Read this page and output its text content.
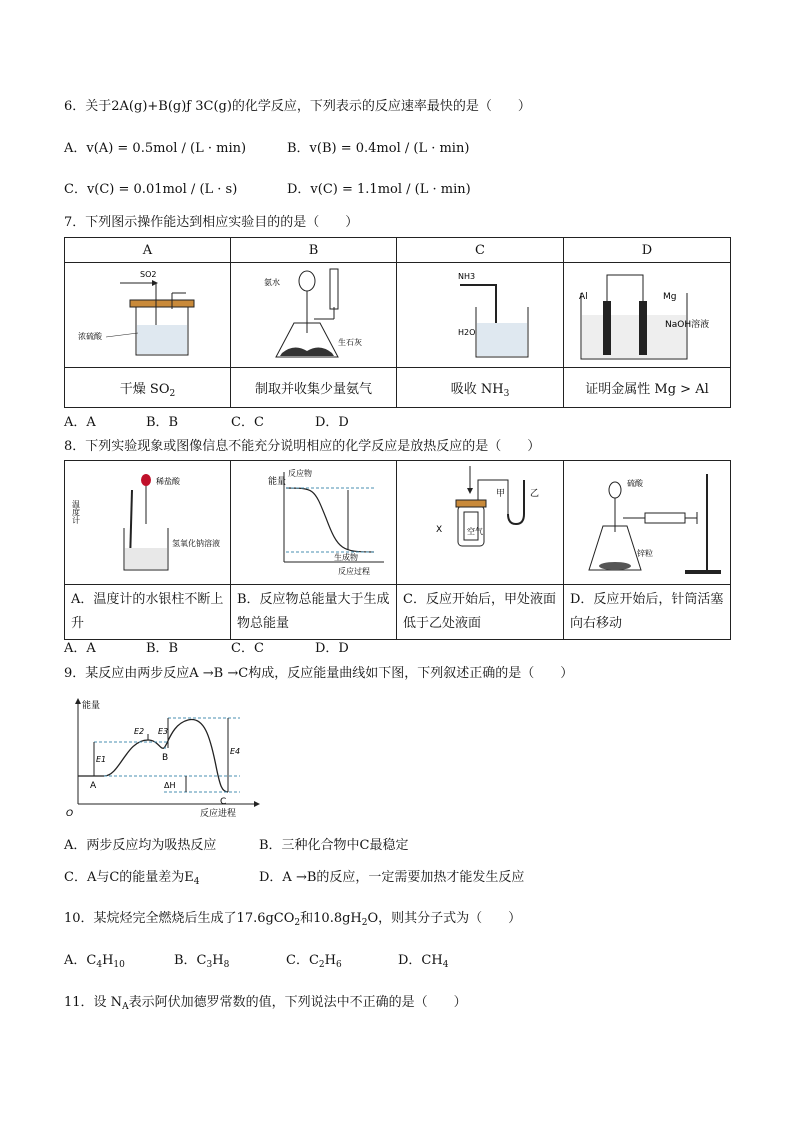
6．关于2A(g)+B(g)ƒ 3C(g)的化学反应，下列表示的反应速率最快的是（　　）
A．v(A) = 0.5mol / (L · min)	B．v(B) = 0.4mol / (L · min)
C．v(C) = 0.01mol / (L · s)	D．v(C) = 1.1mol / (L · min)
7．下列图示操作能达到相应实验目的的是（　　）
A	B	C	D

SO2
浓硫酸	氨水
生石灰	NH3
H2O	Al Mg
NaOH溶液

干燥 $SO_2$	制取并收集少量氨气	吸收 $NH_3$	证明金属性 Mg > Al
A．A	B．B	C．C	D．D
8．下列实验现象或图像信息不能充分说明相应的化学反应是放热反应的是（　　）
稀盐酸
温度计
氢氧化钠溶液	能量
反应物
生成物
反应过程	空气
X
甲 乙	硫酸
锌粒

A．温度计的水银柱不断上升	B．反应物总能量大于生成物总能量	C．反应开始后，甲处液面低于乙处液面	D．反应开始后，针筒活塞向右移动
A．A	B．B	C．C	D．D
9．某反应由两步反应A →B →C构成，反应能量曲线如下图，下列叙述正确的是（　　）
能量
O	反应进程
E1
E2 E3
E4
ΔH
A
B
C
A．两步反应均为吸热反应	B．三种化合物中C最稳定
C．A与C的能量差为$E_4$	D．A →B的反应，一定需要加热才能发生反应
10．某烷烃完全燃烧后生成了17.6gCO$_2$和$10.8gH_2O$，则其分子式为（　　）
A．$C_4H_{10}$	B．$C_3H_8$	C．$C_2H_6$	D．$CH_4$
11．设 $N_A$表示阿伏加德罗常数的值，下列说法中不正确的是（　　）
